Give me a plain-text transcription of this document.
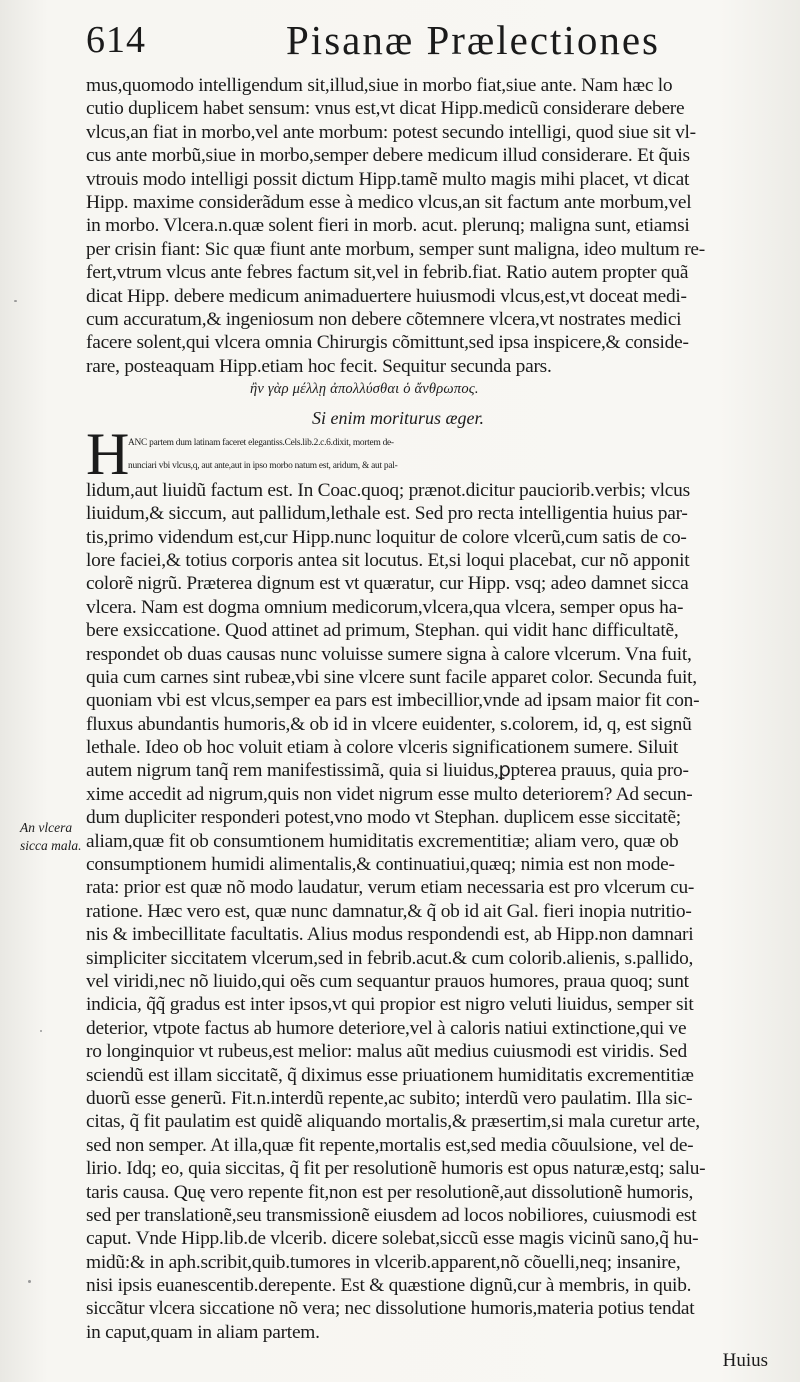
614	Pisanæ Prælectiones
mus,quomodo intelligendum sit,illud,siue in morbo fiat,siue ante. Nam hæc lo
cutio duplicem habet sensum: vnus est,vt dicat Hipp.medicũ considerare debere
vlcus,an fiat in morbo,vel ante morbum: potest secundo intelligi, quod siue sit vl-
cus ante morbũ,siue in morbo,semper debere medicum illud considerare. Et q̃uis
vtrouis modo intelligi possit dictum Hipp.tamẽ multo magis mihi placet, vt dicat
Hipp. maxime considerãdum esse à medico vlcus,an sit factum ante morbum,vel
in morbo. Vlcera.n.quæ solent fieri in morb. acut. plerunq; maligna sunt, etiamsi
per crisin fiant: Sic quæ fiunt ante morbum, semper sunt maligna, ideo multum re-
fert,vtrum vlcus ante febres factum sit,vel in febrib.fiat. Ratio autem propter quã
dicat Hipp. debere medicum animaduertere huiusmodi vlcus,est,vt doceat medi-
cum accuratum,& ingeniosum non debere cõtemnere vlcera,vt nostrates medici
facere solent,qui vlcera omnia Chirurgis cõmittunt,sed ipsa inspicere,& conside-
rare, posteaquam Hipp.etiam hoc fecit. Sequitur secunda pars.
ἢν γὰρ μέλλῃ ἀπολλύσθαι ὁ ἄνθρωπος.
Si enim moriturus æger.
H
ANC partem dum latinam faceret elegantiss.Cels.lib.2.c.6.dixit, mortem de-
nunciari vbi vlcus,q, aut ante,aut in ipso morbo natum est, aridum, & aut pal-
lidum,aut liuidũ factum est. In Coac.quoq; prænot.dicitur pauciorib.verbis; vlcus
liuidum,& siccum, aut pallidum,lethale est. Sed pro recta intelligentia huius par-
tis,primo videndum est,cur Hipp.nunc loquitur de colore vlcerũ,cum satis de co-
lore faciei,& totius corporis antea sit locutus. Et,si loqui placebat, cur nõ apponit
colorẽ nigrũ. Præterea dignum est vt quæratur, cur Hipp. vsq; adeo damnet sicca
vlcera. Nam est dogma omnium medicorum,vlcera,qua vlcera, semper opus ha-
bere exsiccatione. Quod attinet ad primum, Stephan. qui vidit hanc difficultatẽ,
respondet ob duas causas nunc voluisse sumere signa à calore vlcerum. Vna fuit,
quia cum carnes sint rubeæ,vbi sine vlcere sunt facile apparet color. Secunda fuit,
quoniam vbi est vlcus,semper ea pars est imbecillior,vnde ad ipsam maior fit con-
fluxus abundantis humoris,& ob id in vlcere euidenter, s.colorem, id, q, est signũ
lethale. Ideo ob hoc voluit etiam à colore vlceris significationem sumere. Siluit
autem nigrum tanq̃ rem manifestissimã, quia si liuidus,ꝑpterea prauus, quia pro-
xime accedit ad nigrum,quis non videt nigrum esse multo deteriorem? Ad secun-
dum dupliciter responderi potest,vno modo vt Stephan. duplicem esse siccitatẽ;
aliam,quæ fit ob consumtionem humiditatis excrementitiæ; aliam vero, quæ ob
consumptionem humidi alimentalis,& continuatiui,quæq; nimia est non mode-
rata: prior est quæ nõ modo laudatur, verum etiam necessaria est pro vlcerum cu-
ratione. Hæc vero est, quæ nunc damnatur,& q̃ ob id ait Gal. fieri inopia nutritio-
nis & imbecillitate facultatis. Alius modus respondendi est, ab Hipp.non damnari
simpliciter siccitatem vlcerum,sed in febrib.acut.& cum colorib.alienis, s.pallido,
vel viridi,nec nõ liuido,qui oẽs cum sequantur prauos humores, praua quoq; sunt
indicia, q̃q̃ gradus est inter ipsos,vt qui propior est nigro veluti liuidus, semper sit
deterior, vtpote factus ab humore deteriore,vel à caloris natiui extinctione,qui ve
ro longinquior vt rubeus,est melior: malus aũt medius cuiusmodi est viridis. Sed
sciendũ est illam siccitatẽ, q̃ diximus esse priuationem humiditatis excrementitiæ
duorũ esse generũ. Fit.n.interdũ repente,ac subito; interdũ vero paulatim. Illa sic-
citas, q̃ fit paulatim est quidẽ aliquando mortalis,& præsertim,si mala curetur arte,
sed non semper. At illa,quæ fit repente,mortalis est,sed media cõuulsione, vel de-
lirio. Idq; eo, quia siccitas, q̃ fit per resolutionẽ humoris est opus naturæ,estq; salu-
taris causa. Quę vero repente fit,non est per resolutionẽ,aut dissolutionẽ humoris,
sed per translationẽ,seu transmissionẽ eiusdem ad locos nobiliores, cuiusmodi est
caput. Vnde Hipp.lib.de vlcerib. dicere solebat,siccũ esse magis vicinũ sano,q̃ hu-
midũ:& in aph.scribit,quib.tumores in vlcerib.apparent,nõ cõuelli,neq; insanire,
nisi ipsis euanescentib.derepente. Est & quæstione dignũ,cur à membris, in quib.
siccãtur vlcera siccatione nõ vera; nec dissolutione humoris,materia potius tendat
in caput,quam in aliam partem.
An vlcera
sicca mala.
Huius
